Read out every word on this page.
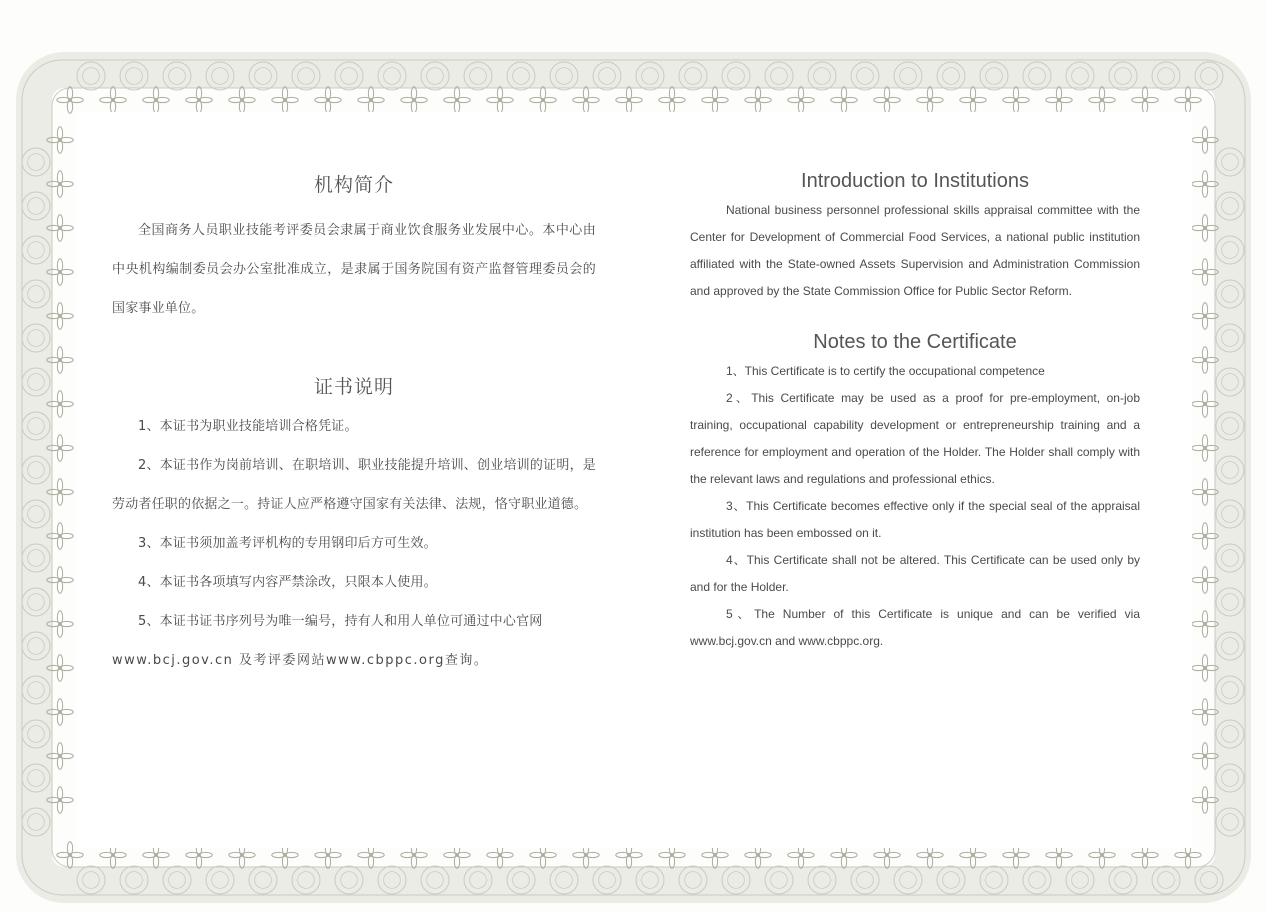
机构简介

全国商务人员职业技能考评委员会隶属于商业饮食服务业发展中心。本中心由中央机构编制委员会办公室批准成立，是隶属于国务院国有资产监督管理委员会的国家事业单位。

证书说明

1、本证书为职业技能培训合格凭证。

2、本证书作为岗前培训、在职培训、职业技能提升培训、创业培训的证明，是劳动者任职的依据之一。持证人应严格遵守国家有关法律、法规，恪守职业道德。

3、本证书须加盖考评机构的专用钢印后方可生效。

4、本证书各项填写内容严禁涂改，只限本人使用。

5、本证书证书序列号为唯一编号，持有人和用人单位可通过中心官网

www.bcj.gov.cn 及考评委网站www.cbppc.org查询。

Introduction to Institutions

National business personnel professional skills appraisal committee with the Center for Development of Commercial Food Services, a national public institution affiliated with the State-owned Assets Supervision and Administration Commission and approved by the State Commission Office for Public Sector Reform.

Notes to the Certificate

1、This Certificate is to certify the occupational competence

2、This Certificate may be used as a proof for pre-employment, on-job training, occupational capability development or entrepreneurship training and a reference for employment and operation of the Holder. The Holder shall comply with the relevant laws and regulations and professional ethics.

3、This Certificate becomes effective only if the special seal of the appraisal institution has been embossed on it.

4、This Certificate shall not be altered. This Certificate can be used only by and for the Holder.

5、The Number of this Certificate is unique and can be verified via www.bcj.gov.cn and www.cbppc.org.
